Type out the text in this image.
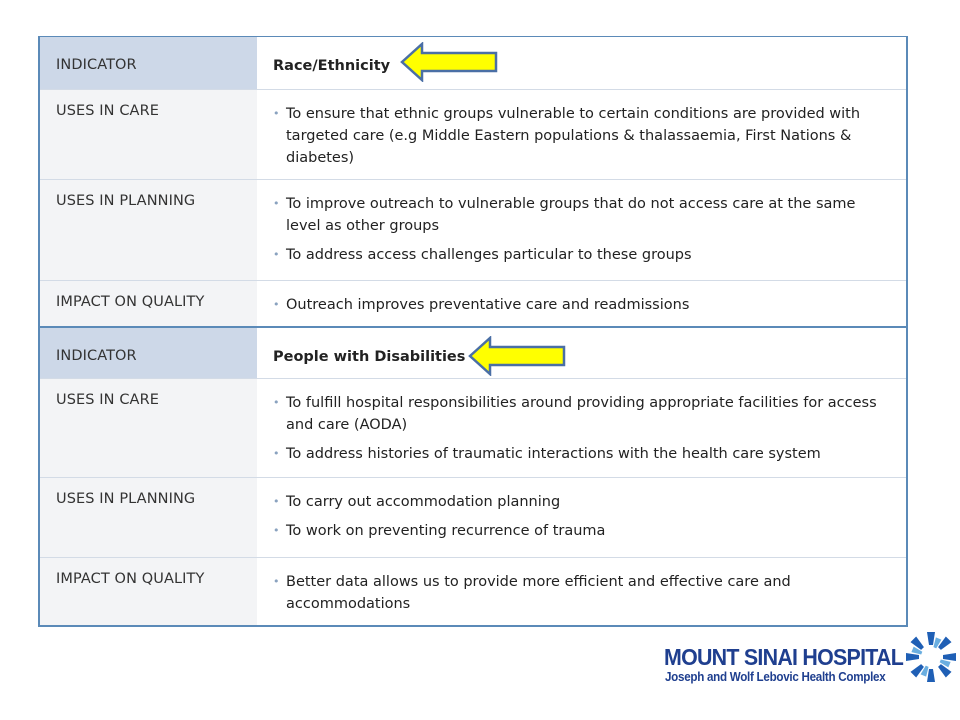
INDICATOR	Race/Ethnicity
USES IN CARE	• To ensure that ethnic groups vulnerable to certain conditions are provided with targeted care (e.g Middle Eastern populations & thalassaemia, First Nations & diabetes)
USES IN PLANNING	• To improve outreach to vulnerable groups that do not access care at the same level as other groups
• To address access challenges particular to these groups
IMPACT ON QUALITY	• Outreach improves preventative care and readmissions
INDICATOR	People with Disabilities
USES IN CARE	• To fulfill hospital responsibilities around providing appropriate facilities for access and care (AODA)
• To address histories of traumatic interactions with the health care system
USES IN PLANNING	• To carry out accommodation planning
• To work on preventing recurrence of trauma
IMPACT ON QUALITY	• Better data allows us to provide more efficient and effective care and accommodations
MOUNT SINAI HOSPITAL
Joseph and Wolf Lebovic Health Complex
